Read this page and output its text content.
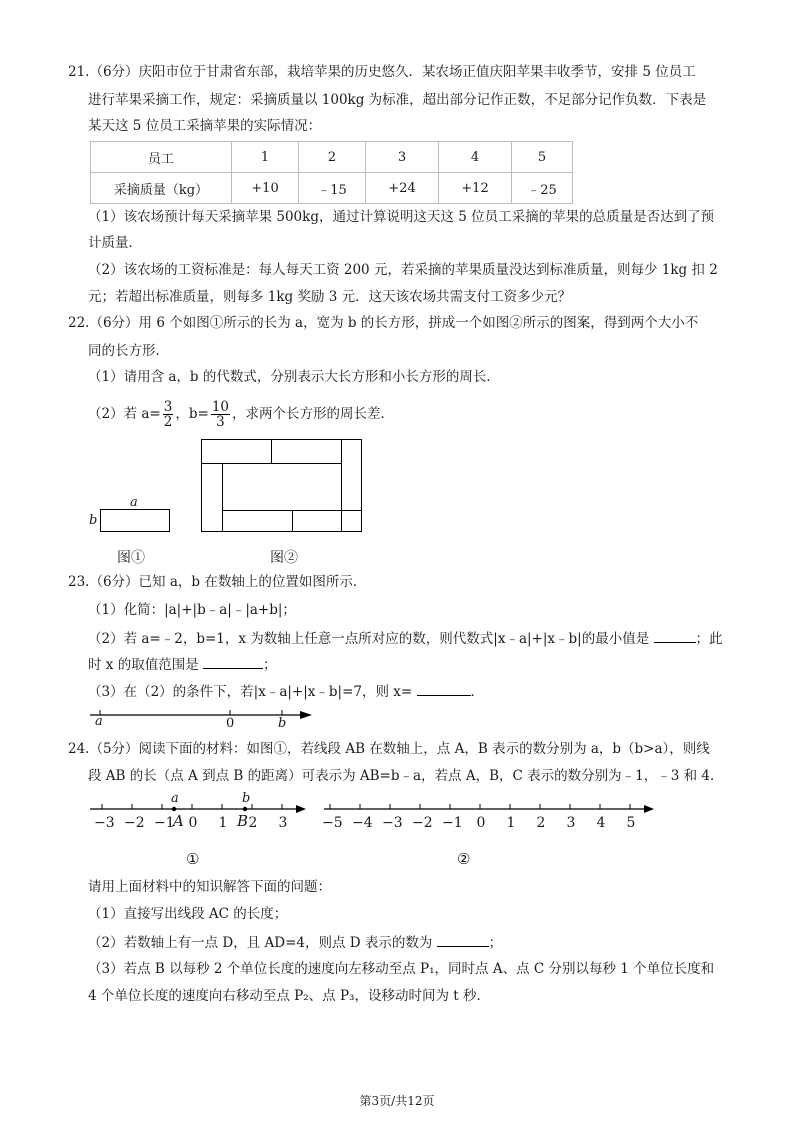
21.（6分）庆阳市位于甘肃省东部，栽培苹果的历史悠久．某农场正值庆阳苹果丰收季节，安排 5 位员工
进行苹果采摘工作，规定：采摘质量以 100kg 为标准，超出部分记作正数，不足部分记作负数．下表是
某天这 5 位员工采摘苹果的实际情况：
员工	1	2	3	4	5
采摘质量（kg）	+10	﹣15	+24	+12	﹣25
（1）该农场预计每天采摘苹果 500kg，通过计算说明这天这 5 位员工采摘的苹果的总质量是否达到了预
计质量．
（2）该农场的工资标准是：每人每天工资 200 元，若采摘的苹果质量没达到标准质量，则每少 1kg 扣 2
元；若超出标准质量，则每多 1kg 奖励 3 元．这天该农场共需支付工资多少元？
22.（6分）用 6 个如图①所示的长为 a，宽为 b 的长方形，拼成一个如图②所示的图案，得到两个大小不
同的长方形．
（1）请用含 a，b 的代数式，分别表示大长方形和小长方形的周长．
（2）若 $a= \frac{3}{2}$ ，$b= \frac{10}{3}$ ，求两个长方形的周长差．
a
b
图①	图②
23.（6分）已知 a，b 在数轴上的位置如图所示．
（1）化简：|a|+|b﹣a|﹣|a+b|；
（2）若 a=﹣2，b=1，x 为数轴上任意一点所对应的数，则代数式|x﹣a|+|x﹣b|的最小值是	；此
时 x 的取值范围是	；
（3）在（2）的条件下，若|x﹣a|+|x﹣b|=7，则 x=	．
a	0	b
24.（5分）阅读下面的材料：如图①，若线段 AB 在数轴上，点 A，B 表示的数分别为 a，b（b>a），则线
段 AB 的长（点 A 到点 B 的距离）可表示为 AB=b﹣a，若点 A，B，C 表示的数分别为﹣1，﹣3 和 4．
−3 −2 −1 0	1	2	3
a	b
A	B	−5 −4 −3 −2 −1 0	1	2	3	4	5
①	②
请用上面材料中的知识解答下面的问题：
（1）直接写出线段 AC 的长度；
（2）若数轴上有一点 D，且 AD=4，则点 D 表示的数为	；
（3）若点 B 以每秒 2 个单位长度的速度向左移动至点 P₁，同时点 A、点 C 分别以每秒 1 个单位长度和
4 个单位长度的速度向右移动至点 P₂、点 P₃，设移动时间为 t 秒．
第3页/共12页
